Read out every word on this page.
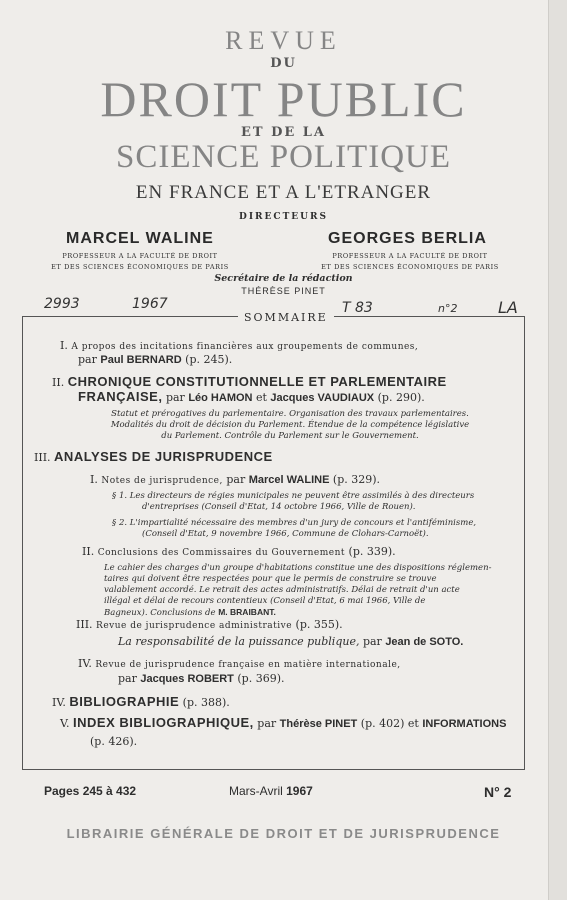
REVUE
DU
DROIT PUBLIC
ET DE LA
SCIENCE POLITIQUE
EN FRANCE ET A L'ETRANGER
DIRECTEURS
MARCEL WALINE	GEORGES BERLIA
PROFESSEUR A LA FACULTÉ DE DROIT
ET DES SCIENCES ÉCONOMIQUES DE PARIS
PROFESSEUR A LA FACULTÉ DE DROIT
ET DES SCIENCES ÉCONOMIQUES DE PARIS
Secrétaire de la rédaction
THÉRÈSE PINET
2993	1967	T 83	n°2	LA
SOMMAIRE
I. A propos des incitations financières aux groupements de communes,
par Paul BERNARD (p. 245).
II. CHRONIQUE CONSTITUTIONNELLE ET PARLEMENTAIRE
FRANÇAISE, par Léo HAMON et Jacques VAUDIAUX (p. 290).
Statut et prérogatives du parlementaire. Organisation des travaux parlementaires.
Modalités du droit de décision du Parlement. Étendue de la compétence législative
du Parlement. Contrôle du Parlement sur le Gouvernement.
III. ANALYSES DE JURISPRUDENCE
I. Notes de jurisprudence, par Marcel WALINE (p. 329).
§ 1. Les directeurs de régies municipales ne peuvent être assimilés à des directeurs
d'entreprises (Conseil d'Etat, 14 octobre 1966, Ville de Rouen).
§ 2. L'impartialité nécessaire des membres d'un jury de concours et l'antiféminisme,
(Conseil d'Etat, 9 novembre 1966, Commune de Clohars-Carnoët).
II. Conclusions des Commissaires du Gouvernement (p. 339).
Le cahier des charges d'un groupe d'habitations constitue une des dispositions réglemen-
taires qui doivent être respectées pour que le permis de construire se trouve
valablement accordé. Le retrait des actes administratifs. Délai de retrait d'un acte
illégal et délai de recours contentieux (Conseil d'Etat, 6 mai 1966, Ville de
Bagneux). Conclusions de M. BRAIBANT.
III. Revue de jurisprudence administrative (p. 355).
La responsabilité de la puissance publique, par Jean de SOTO.
IV. Revue de jurisprudence française en matière internationale,
par Jacques ROBERT (p. 369).
IV. BIBLIOGRAPHIE (p. 388).
V. INDEX BIBLIOGRAPHIQUE, par Thérèse PINET (p. 402) et INFORMATIONS
(p. 426).
Pages 245 à 432	Mars-Avril 1967	N° 2
LIBRAIRIE GÉNÉRALE DE DROIT ET DE JURISPRUDENCE
